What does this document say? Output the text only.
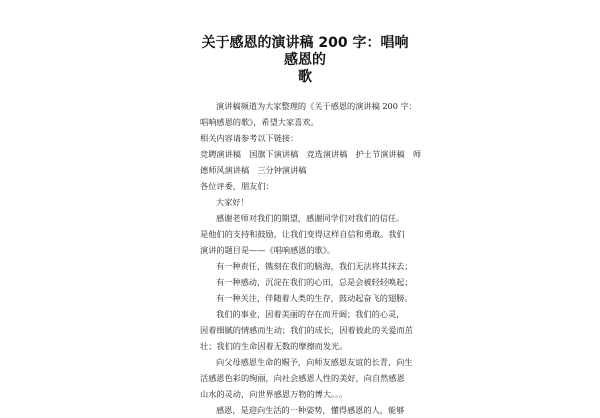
关于感恩的演讲稿 200 字：唱响感恩的
歌

演讲稿频道为大家整理的《关于感恩的演讲稿 200 字：

唱响感恩的歌》，希望大家喜欢。

相关内容请参考以下链接：

竞聘演讲稿　国旗下演讲稿　竞选演讲稿　护士节演讲稿　师

德师风演讲稿　三分钟演讲稿

各位评委，朋友们：

大家好！

感谢老师对我们的期望，感谢同学们对我们的信任。

是他们的支持和鼓励，让我们变得这样自信和勇敢。我们

演讲的题目是——《唱响感恩的歌》。

有一种责任，镌刻在我们的脑海，我们无法将其抹去；

有一种感动，沉淀在我们的心田，总是会被轻轻唤起；

有一种关注，伴随着人类的生存，鼓动起奋飞的翅膀。

我们的事业，因着美丽的存在而开阔；我们的心灵，

因着细腻的情感而生动；我们的成长，因着彼此的关爱而茁

壮；我们的生命因着无数的摩擦而发光。

向父母感恩生命的赐予，向师友感恩友谊的长青，向生

活感恩色彩的绚丽，向社会感恩人性的美好，向自然感恩

山水的灵动，向世界感恩万物的博大。。。

感恩，是迎向生活的一种姿势，懂得感恩的人，能够
